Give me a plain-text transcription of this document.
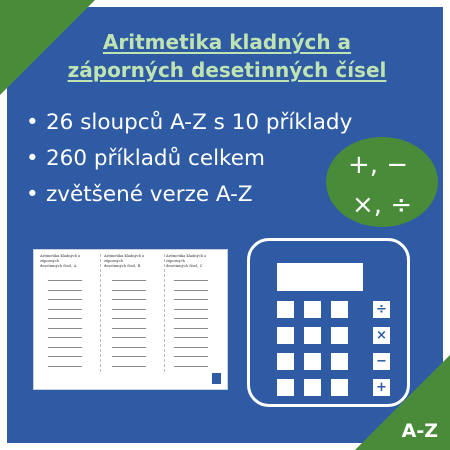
A-Z
Aritmetika kladných a
záporných desetinných čísel
• 26 sloupců A-Z s 10 příklady
• 260 příkladů celkem
• zvětšené verze A-Z
+, −
×, ÷
Aritmetika kladných a záporných
desetinných čísel, A
Aritmetika kladných a záporných
desetinných čísel, B
Aritmetika kladných a záporných
desetinných čísel, C
÷
×
−
+
